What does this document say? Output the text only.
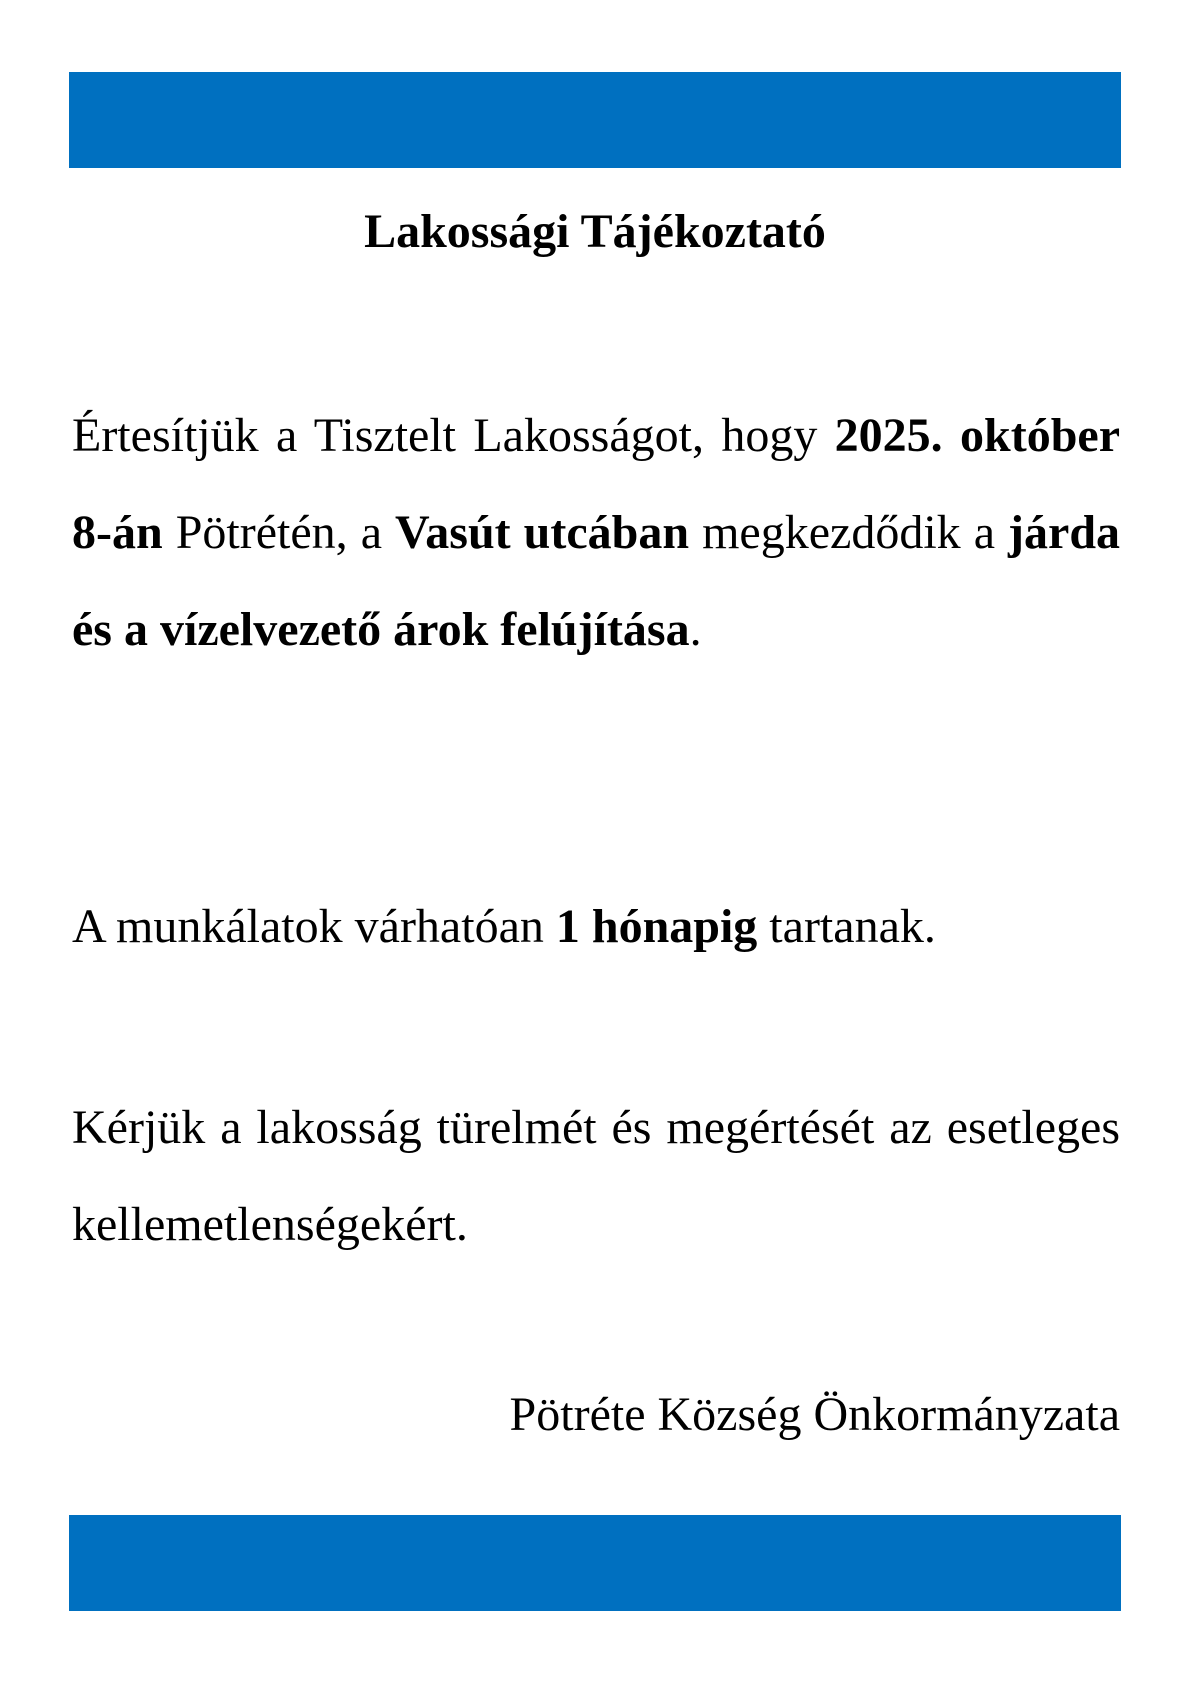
Lakossági Tájékoztató

Értesítjük a Tisztelt Lakosságot, hogy 2025. október 8-án Pötrétén, a Vasút utcában megkezdődik a járda és a vízelvezető árok felújítása.

A munkálatok várhatóan 1 hónapig tartanak.

Kérjük a lakosság türelmét és megértését az esetleges kellemetlenségekért.

Pötréte Község Önkormányzata
